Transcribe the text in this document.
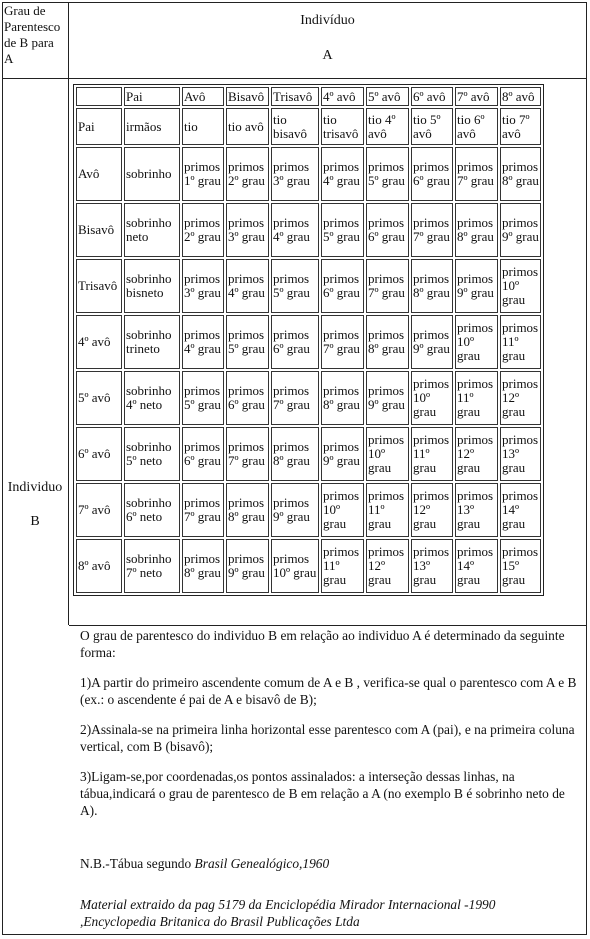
Grau de
Parentesco
de B para
A
Indivíduo
A
Individuo
B
	Pai	Avô	Bisavô	Trisavô	4º avô	5º avô	6º avô	7º avô	8º avô
Pai	irmãos	tio	tio avô	tio bisavô	tio trisavô	tio 4º avô	tio 5º avô	tio 6º avô	tio 7º avô
Avô	sobrinho	primos 1º grau	primos 2º grau	primos 3º grau	primos 4º grau	primos 5º grau	primos 6º grau	primos 7º grau	primos 8º grau
Bisavô	sobrinho neto	primos 2º grau	primos 3º grau	primos 4º grau	primos 5º grau	primos 6º grau	primos 7º grau	primos 8º grau	primos 9º grau
Trisavô	sobrinho bisneto	primos 3º grau	primos 4º grau	primos 5º grau	primos 6º grau	primos 7º grau	primos 8º grau	primos 9º grau	primos 10º grau
4º avô	sobrinho trineto	primos 4º grau	primos 5º grau	primos 6º grau	primos 7º grau	primos 8º grau	primos 9º grau	primos 10º grau	primos 11º grau
5º avô	sobrinho 4º neto	primos 5º grau	primos 6º grau	primos 7º grau	primos 8º grau	primos 9º grau	primos 10º grau	primos 11º grau	primos 12º grau
6º avô	sobrinho 5º neto	primos 6º grau	primos 7º grau	primos 8º grau	primos 9º grau	primos 10º grau	primos 11º grau	primos 12º grau	primos 13º grau
7º avô	sobrinho 6º neto	primos 7º grau	primos 8º grau	primos 9º grau	primos 10º grau	primos 11º grau	primos 12º grau	primos 13º grau	primos 14º grau
8º avô	sobrinho 7º neto	primos 8º grau	primos 9º grau	primos 10º grau	primos 11º grau	primos 12º grau	primos 13º grau	primos 14º grau	primos 15º grau

O grau de parentesco do individuo B em relação ao individuo A é determinado da seguinte forma:

1)A partir do primeiro ascendente comum de A e B , verifica-se qual o parentesco com A e B (ex.: o ascendente é pai de A e bisavô de B);

2)Assinala-se na primeira linha horizontal esse parentesco com A (pai), e na primeira coluna vertical, com B (bisavô);

3)Ligam-se,por coordenadas,os pontos assinalados: a interseção dessas linhas, na tábua,indicará o grau de parentesco de B em relação a A (no exemplo B é sobrinho neto de A).

N.B.-Tábua segundo Brasil Genealógico,1960
Material extraido da pag 5179 da Enciclopédia Mirador Internacional -1990
,Encyclopedia Britanica do Brasil Publicações Ltda
